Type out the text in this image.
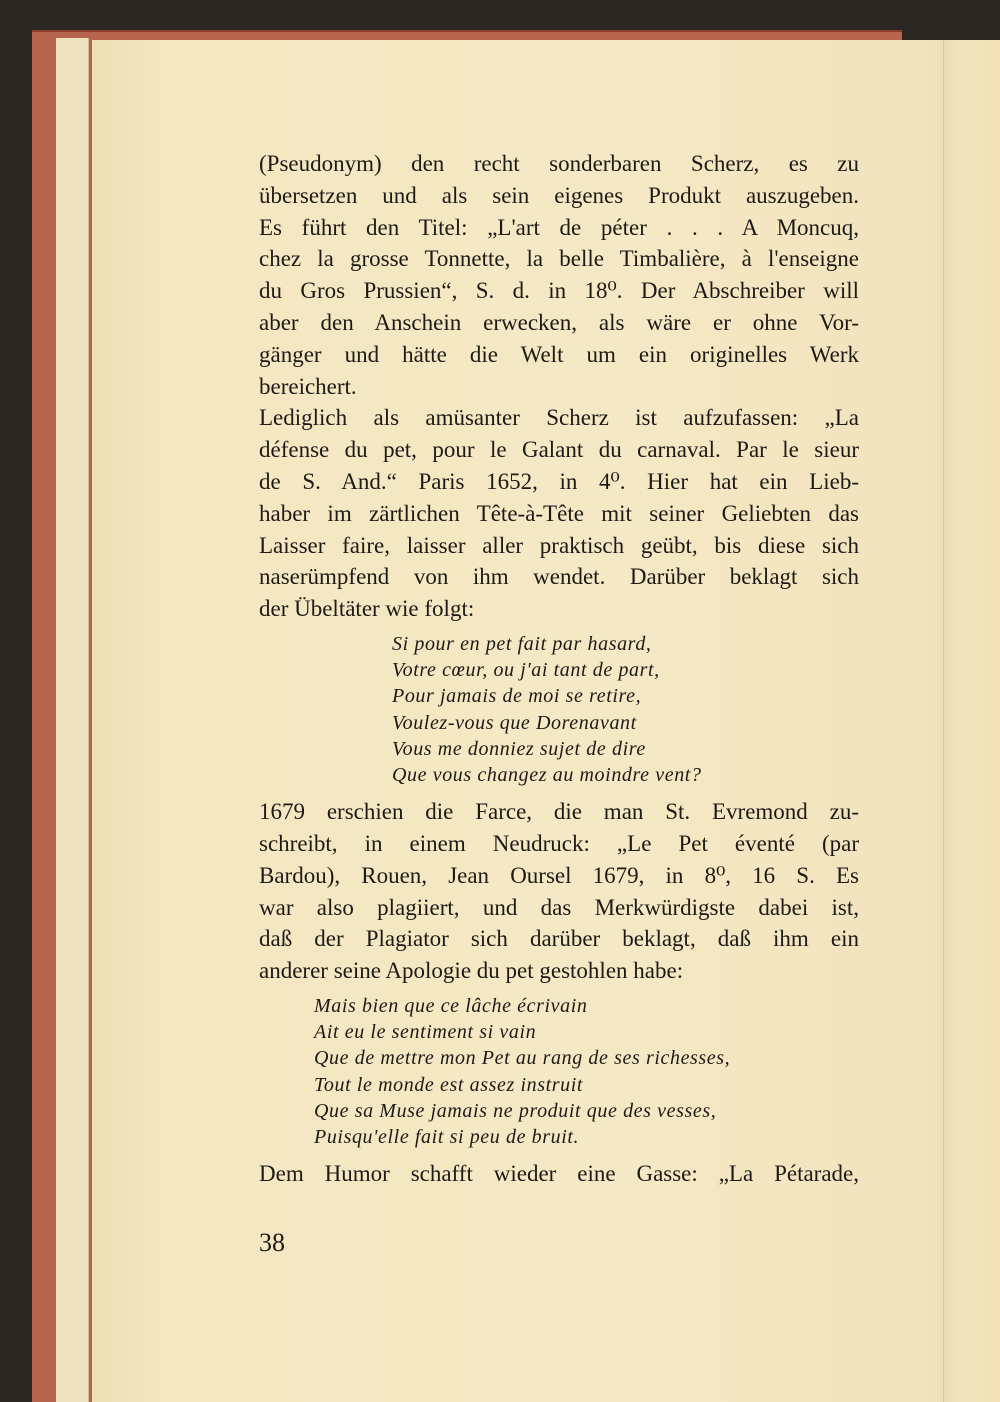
(Pseudonym) den recht sonderbaren Scherz, es zu
übersetzen und als sein eigenes Produkt auszugeben.
Es führt den Titel: „L'art de péter . . . A Moncuq,
chez la grosse Tonnette, la belle Timbalière, à l'enseigne
du Gros Prussien“, S. d. in 18⁰. Der Abschreiber will
aber den Anschein erwecken, als wäre er ohne Vor-
gänger und hätte die Welt um ein originelles Werk
bereichert.
Lediglich als amüsanter Scherz ist aufzufassen: „La
défense du pet, pour le Galant du carnaval. Par le sieur
de S. And.“ Paris 1652, in 4⁰. Hier hat ein Lieb-
haber im zärtlichen Tête-à-Tête mit seiner Geliebten das
Laisser faire, laisser aller praktisch geübt, bis diese sich
naserümpfend von ihm wendet. Darüber beklagt sich
der Übeltäter wie folgt:
Si pour en pet fait par hasard,
Votre cœur, ou j'ai tant de part,
Pour jamais de moi se retire,
Voulez-vous que Dorenavant
Vous me donniez sujet de dire
Que vous changez au moindre vent?
1679 erschien die Farce, die man St. Evremond zu-
schreibt, in einem Neudruck: „Le Pet éventé (par
Bardou), Rouen, Jean Oursel 1679, in 8⁰, 16 S. Es
war also plagiiert, und das Merkwürdigste dabei ist,
daß der Plagiator sich darüber beklagt, daß ihm ein
anderer seine Apologie du pet gestohlen habe:
Mais bien que ce lâche écrivain
Ait eu le sentiment si vain
Que de mettre mon Pet au rang de ses richesses,
Tout le monde est assez instruit
Que sa Muse jamais ne produit que des vesses,
Puisqu'elle fait si peu de bruit.
Dem Humor schafft wieder eine Gasse: „La Pétarade,
38
